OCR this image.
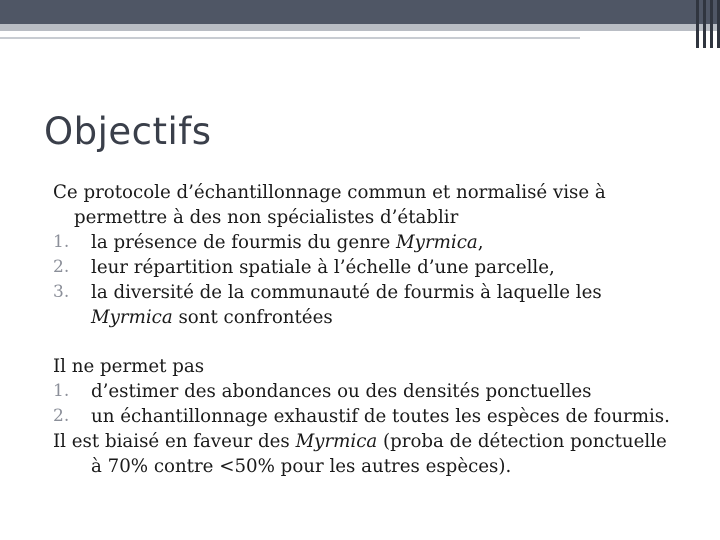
Objectifs

Ce protocole d’échantillonnage commun et normalisé vise à permettre à des non spécialistes d’établir

1.	la présence de fourmis du genre Myrmica,
2.	leur répartition spatiale à l’échelle d’une parcelle,
3.	la diversité de la communauté de fourmis à laquelle les Myrmica sont confrontées

Il ne permet pas

1.	d’estimer des abondances ou des densités ponctuelles
2.	un échantillonnage exhaustif de toutes les espèces de fourmis.

Il est biaisé en faveur des Myrmica (proba de détection ponctuelle à 70% contre <50% pour les autres espèces).
